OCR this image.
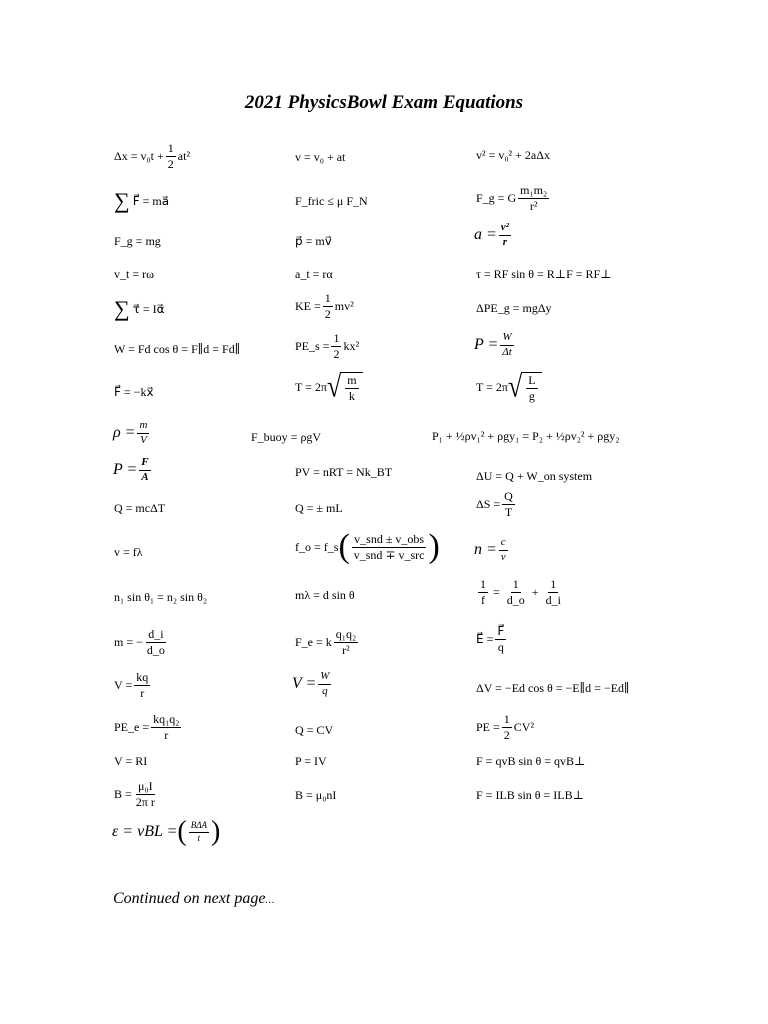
2021 PhysicsBowl Exam Equations
$\Delta x = v_0t + \frac{1}{2} at^2$	v = v₀ + at	v² = v₀² + 2aΔx
∑ F⃗ = ma⃗	F_fric ≤ μ F_N	F_g = G $\frac{\text{m₁m₂}}{\text{r²}}$
F_g = mg	p⃗ = mv⃗	$a = \frac{\text{v²}}{r}$
v_t = rω	a_t = rα	τ = RF sin θ = R⊥F = RF⊥
∑ τ⃗ = Iα⃗	KE = $\frac{1}{2} mv^2$	ΔPE_g = mgΔy
W = Fd cos θ = F∥d = Fd∥	PE_s = $\frac{1}{2} kx^2$	$P = \frac{W}{\Delta t}$
F⃗ = −kx⃗	T = 2π √ $\frac{m}{k}$	T = 2π √ $\frac{L}{g}$
$\rho = \frac{m}{V}$	F_buoy = ρgV	P₁ + ½ρv₁² + ρgy₁ = P₂ + ½ρv₂² + ρgy₂
$P = \frac{F}{A}$	PV = nRT = Nk_BT	ΔU = Q + W_on system
Q = mcΔT	Q = ± mL	$\Delta S = \frac{Q}{T}$
v = fλ	f_o = f_s ( $\frac{\text{v\_snd ± v\_obs}}{\text{v\_snd ∓ v\_src}}$ ) $n = \frac{c}{v}$
n₁ sin θ₁ = n₂ sin θ₂	mλ = d sin θ	$\frac{1}{f} = \frac{1}{d\_o} + \frac{1}{d\_i}$
m = − $\frac{d\_i}{d\_o}$	F_e = k $\frac{\text{q₁q₂}}{\text{r²}}$	E⃗ = $\frac{F⃗}{q}$
$V = \frac{kq}{r}$	$V = \frac{W}{q}$	ΔV = −Ed cos θ = −E∥d = −Ed∥
PE_e = $\frac{\text{kq₁q₂}}{r}$	Q = CV	PE = $\frac{1}{2} CV^2$
V = RI	P = IV	F = qvB sin θ = qvB⊥
$B = \frac{\text{μ₀I}}{\text{2π r}}$	B = μ₀nI	F = ILB sin θ = ILB⊥
ε = vBL = ( $\frac{\text{BΔA}}{t}$ )
Continued on next page…
